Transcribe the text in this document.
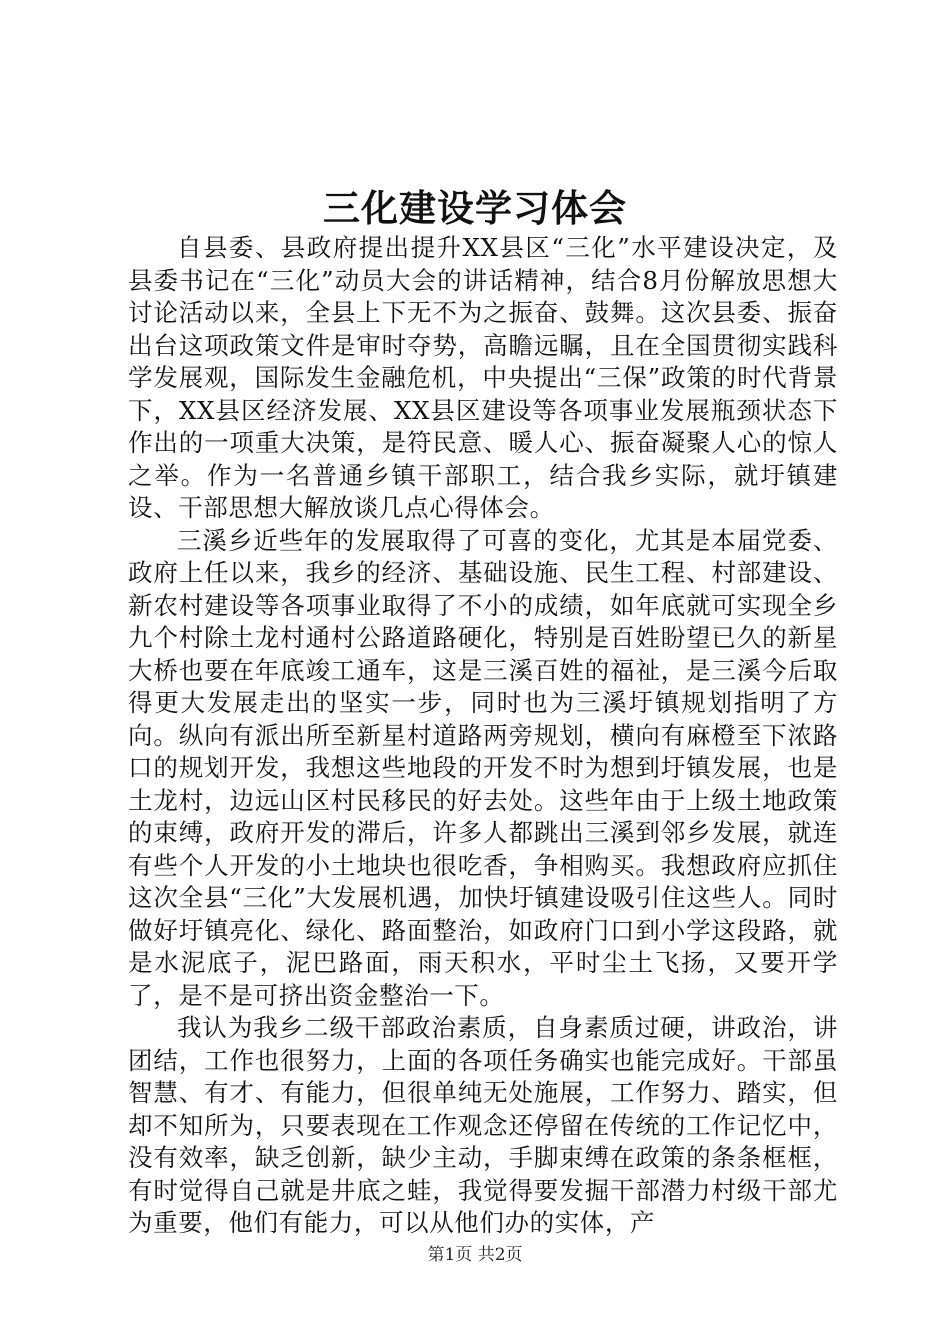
三化建设学习体会

自县委、县政府提出提升XX县区“三化”水平建设决定，及县委书记在“三化”动员大会的讲话精神，结合8月份解放思想大讨论活动以来，全县上下无不为之振奋、鼓舞。这次县委、振奋出台这项政策文件是审时夺势，高瞻远瞩，且在全国贯彻实践科学发展观，国际发生金融危机，中央提出“三保”政策的时代背景下，XX县区经济发展、XX县区建设等各项事业发展瓶颈状态下作出的一项重大决策，是符民意、暖人心、振奋凝聚人心的惊人之举。作为一名普通乡镇干部职工，结合我乡实际，就圩镇建设、干部思想大解放谈几点心得体会。

三溪乡近些年的发展取得了可喜的变化，尤其是本届党委、政府上任以来，我乡的经济、基础设施、民生工程、村部建设、新农村建设等各项事业取得了不小的成绩，如年底就可实现全乡九个村除土龙村通村公路道路硬化，特别是百姓盼望已久的新星大桥也要在年底竣工通车，这是三溪百姓的福祉，是三溪今后取得更大发展走出的坚实一步，同时也为三溪圩镇规划指明了方向。纵向有派出所至新星村道路两旁规划，横向有麻橙至下浓路口的规划开发，我想这些地段的开发不时为想到圩镇发展，也是土龙村，边远山区村民移民的好去处。这些年由于上级土地政策的束缚，政府开发的滞后，许多人都跳出三溪到邻乡发展，就连有些个人开发的小土地块也很吃香，争相购买。我想政府应抓住这次全县“三化”大发展机遇，加快圩镇建设吸引住这些人。同时做好圩镇亮化、绿化、路面整治，如政府门口到小学这段路，就是水泥底子，泥巴路面，雨天积水，平时尘土飞扬，又要开学了，是不是可挤出资金整治一下。

我认为我乡二级干部政治素质，自身素质过硬，讲政治，讲团结，工作也很努力，上面的各项任务确实也能完成好。干部虽智慧、有才、有能力，但很单纯无处施展，工作努力、踏实，但却不知所为，只要表现在工作观念还停留在传统的工作记忆中，没有效率，缺乏创新，缺少主动，手脚束缚在政策的条条框框，有时觉得自己就是井底之蛙，我觉得要发掘干部潜力村级干部尤为重要，他们有能力，可以从他们办的实体，产

第1页 共2页
